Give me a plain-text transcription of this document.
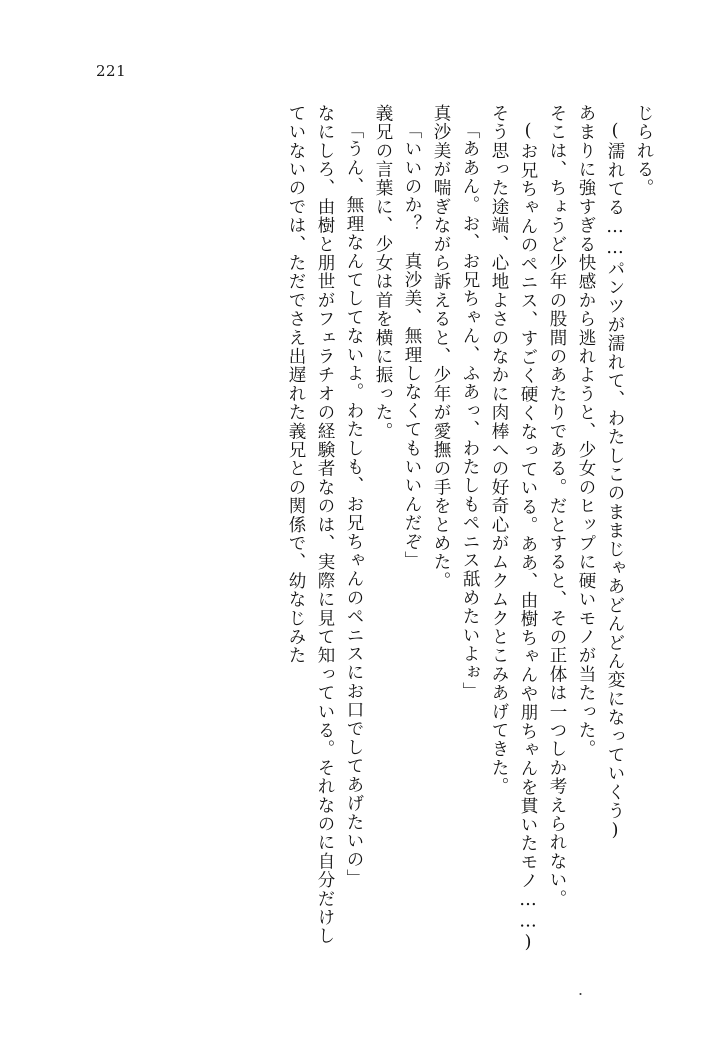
221

じられる。

(濡れてる……パンツが濡れて、わたしこのままじゃあどんどん変になっていくう)

あまりに強すぎる快感から逃れようと、少女のヒップに硬いモノが当たった。

そこは、ちょうど少年の股間のあたりである。だとすると、その正体は一つしか考えられない。

(お兄ちゃんのペニス、すごく硬くなっている。ああ、由樹ちゃんや朋ちゃんを貫いたモノ……)

そう思った途端、心地よさのなかに肉棒への好奇心がムクムクとこみあげてきた。

「ああん。お、お兄ちゃん、ふあっ、わたしもペニス舐めたいよぉ」

真沙美が喘ぎながら訴えると、少年が愛撫の手をとめた。

「いいのか？　真沙美、無理しなくてもいいんだぞ」

義兄の言葉に、少女は首を横に振った。

「うん、無理なんてしてないよ。わたしも、お兄ちゃんのペニスにお口でしてあげたいの」

なにしろ、由樹と朋世がフェラチオの経験者なのは、実際に見て知っている。それなのに自分だけしていないのでは、ただでさえ出遅れた義兄との関係で、幼なじみた

・
